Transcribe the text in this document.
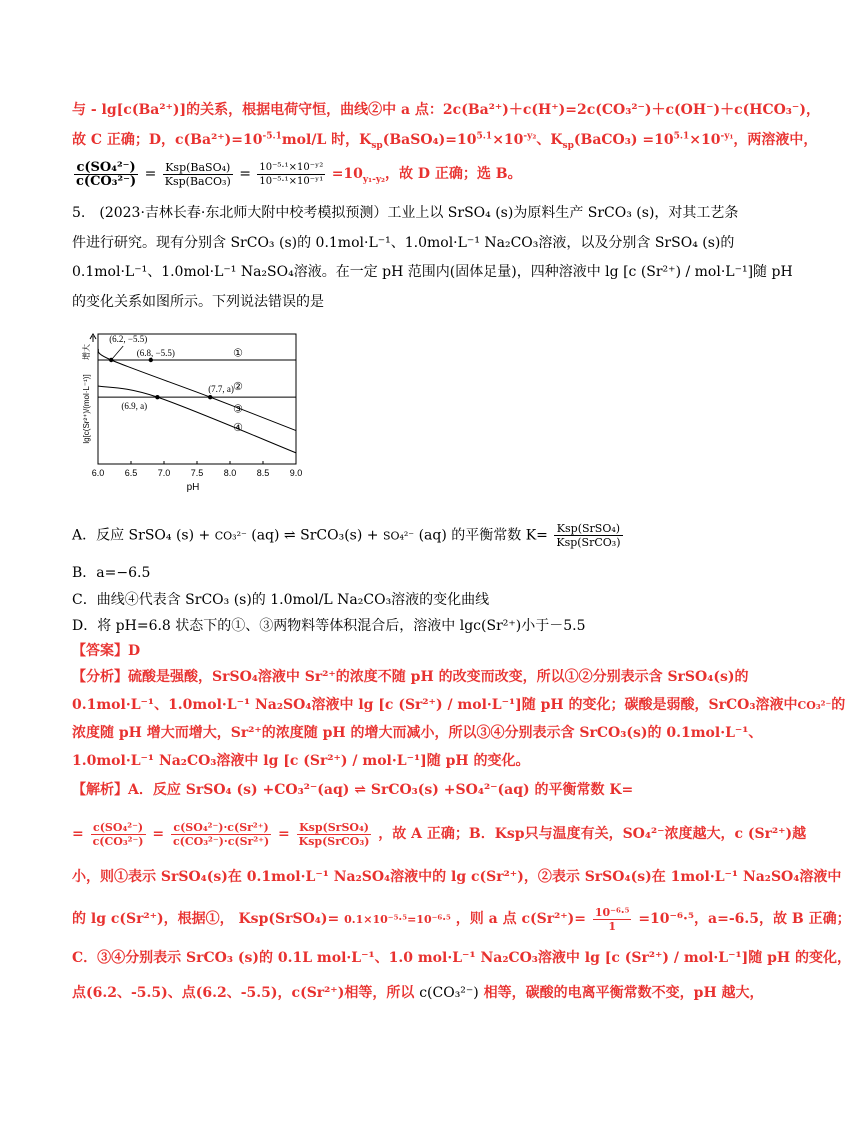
与 - lg[c(Ba²⁺)]的关系，根据电荷守恒，曲线②中 a 点：2c(Ba²⁺)＋c(H⁺)=2c(CO₃²⁻)＋c(OH⁻)＋c(HCO₃⁻)，
故 C 正确；D，$c(Ba^{2+})=10^{-5.1}mol/L$ 时，$K_{sp}(BaSO_4)=10^{5.1}\times 10^{-y_2}$、$K_{sp}(BaCO_3) =10^{5.1}\times 10^{-y_1}$，两溶液中，
$\frac{\text{c(SO₄²⁻)}}{\text{c(CO₃²⁻)}} = \frac{\text{Ksp(BaSO₄)}}{\text{Ksp(BaCO₃)}} = \frac{\text{10⁻⁵·¹×10⁻ʸ²}}{\text{10⁻⁵·¹×10⁻ʸ¹}} =10_{y_1-y_2}$，故 D 正确；选 B。
5.　(2023·吉林长春·东北师大附中校考模拟预测）工业上以 SrSO₄ (s)为原料生产 SrCO₃ (s)，对其工艺条
件进行研究。现有分别含 SrCO₃ (s)的 0.1mol·L⁻¹、1.0mol·L⁻¹ Na₂CO₃溶液，以及分别含 SrSO₄ (s)的
0.1mol·L⁻¹、1.0mol·L⁻¹ Na₂SO₄溶液。在一定 pH 范围内(固体足量)，四种溶液中 lg [c (Sr²⁺) / mol·L⁻¹]随 pH
的变化关系如图所示。下列说法错误的是
6.0 6.5 7.0 7.5 8.0 8.5 9.0
pH
lg[c(Sr²⁺)/(mol·L⁻¹)]
增大	①
②
③
④
(6.2, −5.5)
(6.8, −5.5)
(7.7, a)
(6.9, a)
A．反应 SrSO₄ (s) + CO₃²⁻ (aq) ⇌ SrCO₃(s) + SO₄²⁻ (aq) 的平衡常数 $K= \frac{\text{Ksp(SrSO₄)}}{\text{Ksp(SrCO₃)}}$
B．a=−6.5
C．曲线④代表含 SrCO₃ (s)的 1.0mol/L Na₂CO₃溶液的变化曲线
D．将 pH=6.8 状态下的①、③两物料等体积混合后，溶液中 lgc(Sr²⁺)小于－5.5
【答案】D
【分析】硫酸是强酸，SrSO₄溶液中 Sr²⁺的浓度不随 pH 的改变而改变，所以①②分别表示含 SrSO₄(s)的
0.1mol·L⁻¹、1.0mol·L⁻¹ Na₂SO₄溶液中 lg [c (Sr²⁺) / mol·L⁻¹]随 pH 的变化；碳酸是弱酸，SrCO₃溶液中CO₃²⁻的
浓度随 pH 增大而增大，Sr²⁺的浓度随 pH 的增大而减小，所以③④分别表示含 SrCO₃(s)的 0.1mol·L⁻¹、
1.0mol·L⁻¹ Na₂CO₃溶液中 lg [c (Sr²⁺) / mol·L⁻¹]随 pH 的变化。
【解析】A．反应 SrSO₄ (s) +CO₃²⁻(aq) ⇌ SrCO₃(s) +SO₄²⁻(aq) 的平衡常数 K=
= $\frac{\text{c(SO₄²⁻)}}{\text{c(CO₃²⁻)}} = \frac{\text{c(SO₄²⁻)·c(Sr²⁺)}}{\text{c(CO₃²⁻)·c(Sr²⁺)}} = \frac{\text{Ksp(SrSO₄)}}{\text{Ksp(SrCO₃)}}$ ，故 A 正确；B．Ksp只与温度有关，SO₄²⁻浓度越大，c (Sr²⁺)越
小，则①表示 SrSO₄(s)在 0.1mol·L⁻¹ Na₂SO₄溶液中的 lg c(Sr²⁺)，②表示 SrSO₄(s)在 1mol·L⁻¹ Na₂SO₄溶液中
的 lg c(Sr²⁺)，根据①， Ksp(SrSO₄)= 0.1×10⁻⁵·⁵=10⁻⁶·⁵ ，则 a 点 $c(Sr^{2+})= \frac{\text{10⁻⁶·⁵}}{1} =10^{-6}\cdot^5$，a=-6.5，故 B 正确；
C．③④分别表示 SrCO₃ (s)的 0.1L mol·L⁻¹、1.0 mol·L⁻¹ Na₂CO₃溶液中 lg [c (Sr²⁺) / mol·L⁻¹]随 pH 的变化，
点(6.2、-5.5)、点(6.2、-5.5)，c(Sr²⁺)相等，所以 c(CO₃²⁻) 相等，碳酸的电离平衡常数不变，pH 越大，
